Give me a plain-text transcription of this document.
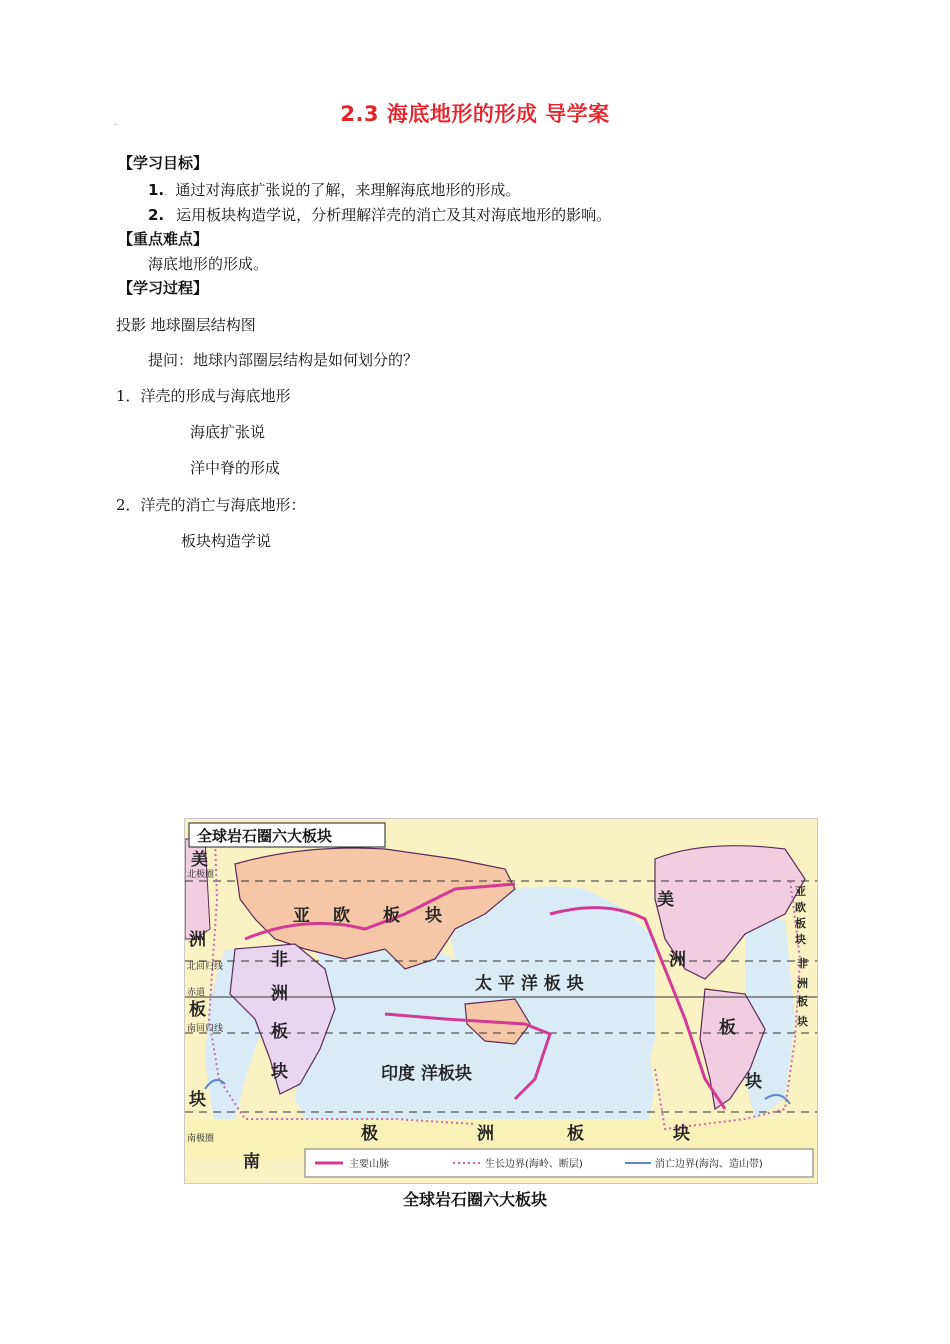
2.3 海底地形的形成 导学案
.
【学习目标】
1.. 通过对海底扩张说的了解，来理解海底地形的形成。
2. 运用板块构造学说，分析理解洋壳的消亡及其对海底地形的影响。
【重点难点】
海底地形的形成。
【学习过程】
投影 地球圈层结构图
提问：地球内部圈层结构是如何划分的？
1．洋壳的形成与海底地形
海底扩张说
洋中脊的形成
2．洋壳的消亡与海底地形：
板块构造学说
全球岩石圈六大板块
亚 欧 板 块
太 平 洋 板 块
印度 洋板块
非
洲
板
块
极	洲	板	块
美
洲
板
块
美
洲
板
块
南
亚
欧
板
块
非
洲
板
块
北极圈
北回归线
赤道
南回归线
南极圈
主要山脉	生长边界(海岭、断层)	消亡边界(海沟、造山带)
全球岩石圈六大板块
